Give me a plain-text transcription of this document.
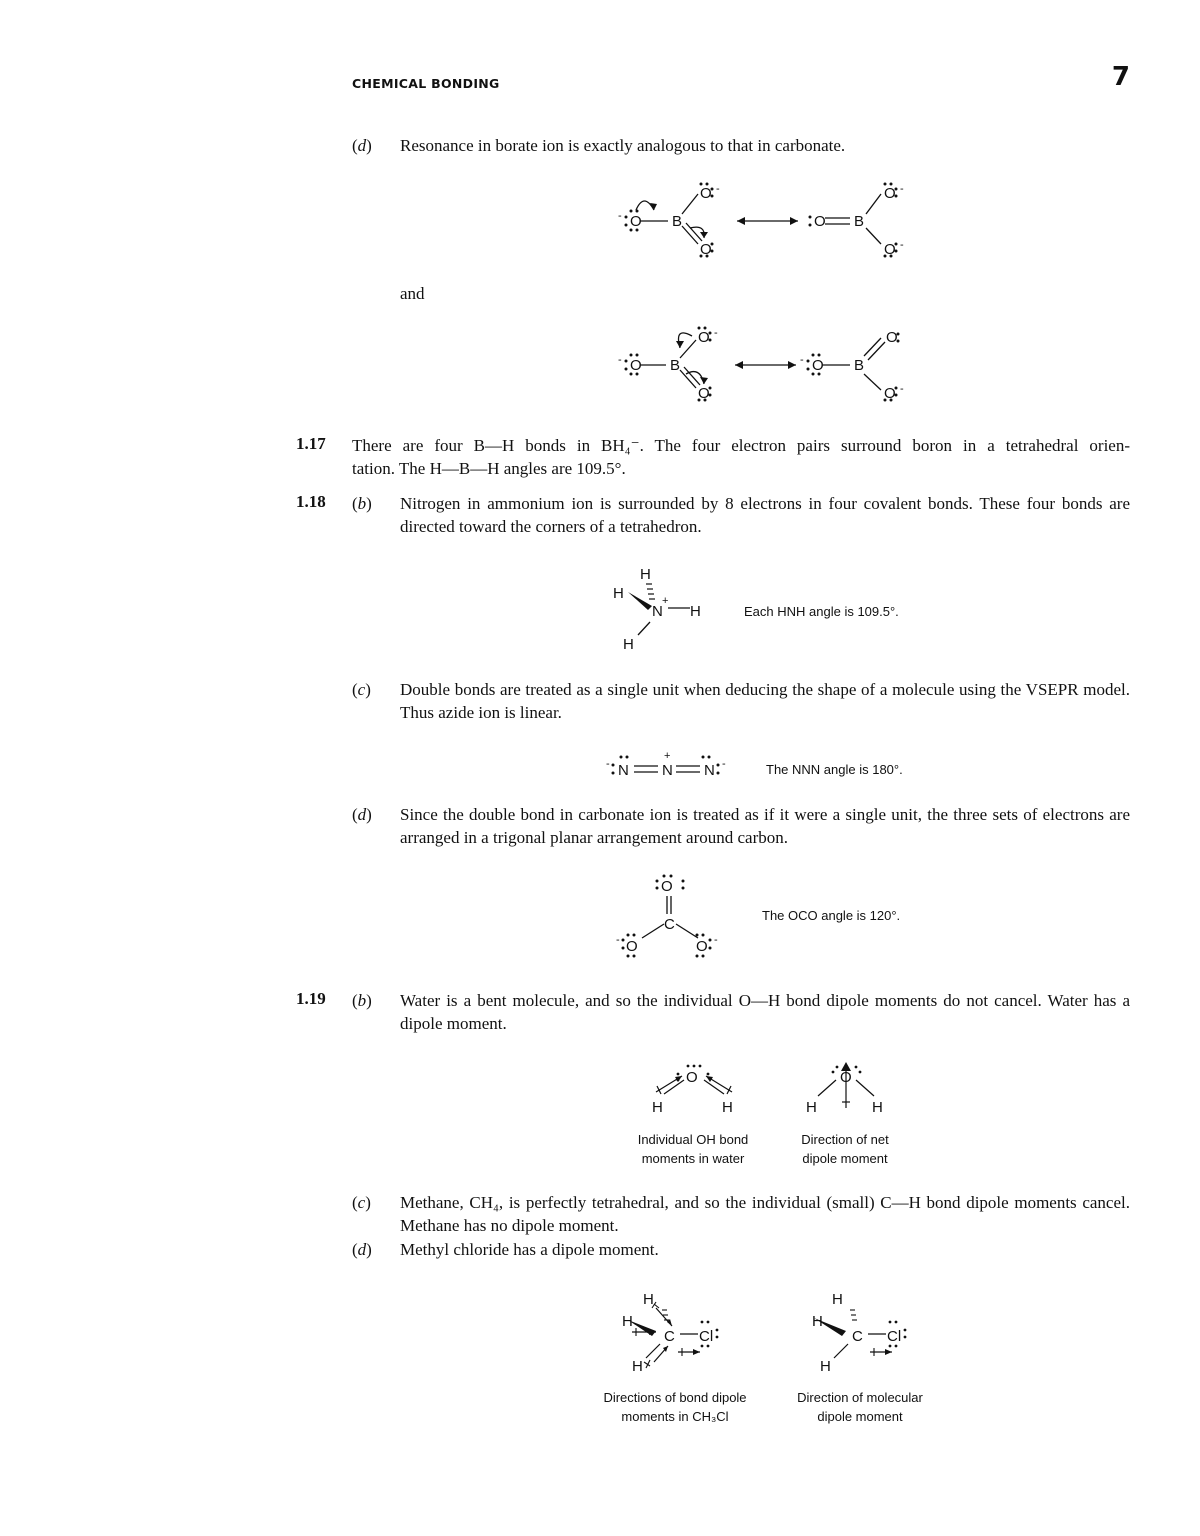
CHEMICAL BONDING	7
(d) Resonance in borate ion is exactly analogous to that in carbonate.
O B
O
O
O B
O
O
-
-	-
-
and
O B
O
O
O B
O
O
-
-
-
-
1.17 There are four B—H bonds in BH₄⁻. The four electron pairs surround boron in a tetrahedral orien-
tation. The H—B—H angles are 109.5°.
1.18 (b) Nitrogen in ammonium ion is surrounded by 8 electrons in four covalent bonds. These four bonds are directed toward the corners of a tetrahedron.
H
H
N H
H
+
Each HNH angle is 109.5°.
(c) Double bonds are treated as a single unit when deducing the shape of a molecule using the VSEPR model. Thus azide ion is linear.
N N N
-
+
-	The NNN angle is 180°.
(d) Since the double bond in carbonate ion is treated as if it were a single unit, the three sets of electrons are arranged in a trigonal planar arrangement around carbon.
O
C
O	O
-	-
The OCO angle is 120°.
1.19 (b) Water is a bent molecule, and so the individual O—H bond dipole moments do not cancel. Water has a dipole moment.
O
H	H
O
H	H
Individual OH bond
moments in water
Direction of net
dipole moment
(c) Methane, CH₄, is perfectly tetrahedral, and so the individual (small) C—H bond dipole moments cancel. Methane has no dipole moment.
(d) Methyl chloride has a dipole moment.
H
H
C Cl
H
H
H
C Cl
H
Directions of bond dipole
moments in CH₃Cl
Direction of molecular
dipole moment
